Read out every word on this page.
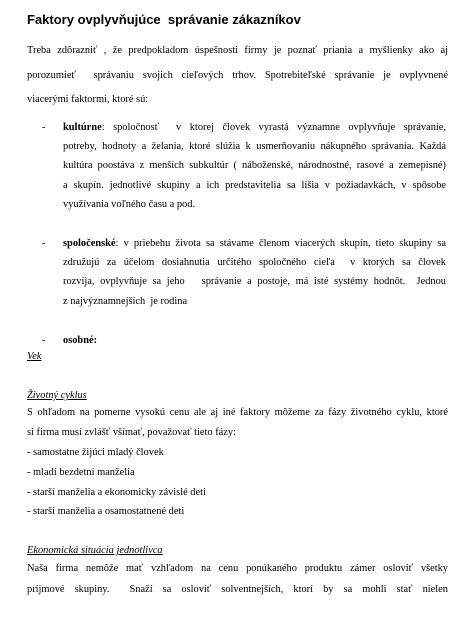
Faktory ovplyvňujúce  správanie zákazníkov
Treba zdôrazniť , že predpokladom úspešnosti firmy je poznať priania a myšlienky ako aj
porozumieť  správaniu svojich cieľových trhov. Spotrebiteľské správanie je ovplyvnené
viacerými faktormi, ktoré sú:
- kultúrne: spoločnosť  v ktorej človek vyrastá významne ovplyvňuje správanie,
potreby, hodnoty a želania, ktoré slúžia k usmerňovaniu nákupného správania. Každá
kultúra poostáva z menších subkultúr ( náboženské, národnostné, rasové a zemepisné)
a skupín. jednotlivé skupiny a ich predstavitelia sa líšia v požiadavkách, v spôsobe
využívania voľného času a pod.
- spoločenské: v priebehu života sa stávame členom viacerých skupín, tieto skupiny sa
združujú za účelom dosiahnutia určitého spoločného cieľa  v ktorých sa človek
rozvíja, ovplyvňuje sa jeho   správanie a postoje, má isté systémy hodnôt.  Jednou
z najvýznamnejších  je rodina
- osobné:
Vek
Životný cyklus
S ohľadom na pomerne vysokú cenu ale aj iné faktory môžeme za fázy životného cyklu, ktoré
si firma musí zvlášť všímať, považovať tieto fázy:
- samostatne žijúci mladý človek
- mladí bezdetní manželia
- starší manželia a ekonomicky závislé deti
- starší manželia a osamostatnené deti
Ekonomická situácia jednotlivca
Naša firma nemôže mať vzhľadom na cenu ponúkaného produktu zámer osloviť všetky
príjmové skupiny.  Snaží sa osloviť solventnejších, ktorí by sa mohli stať nielen
